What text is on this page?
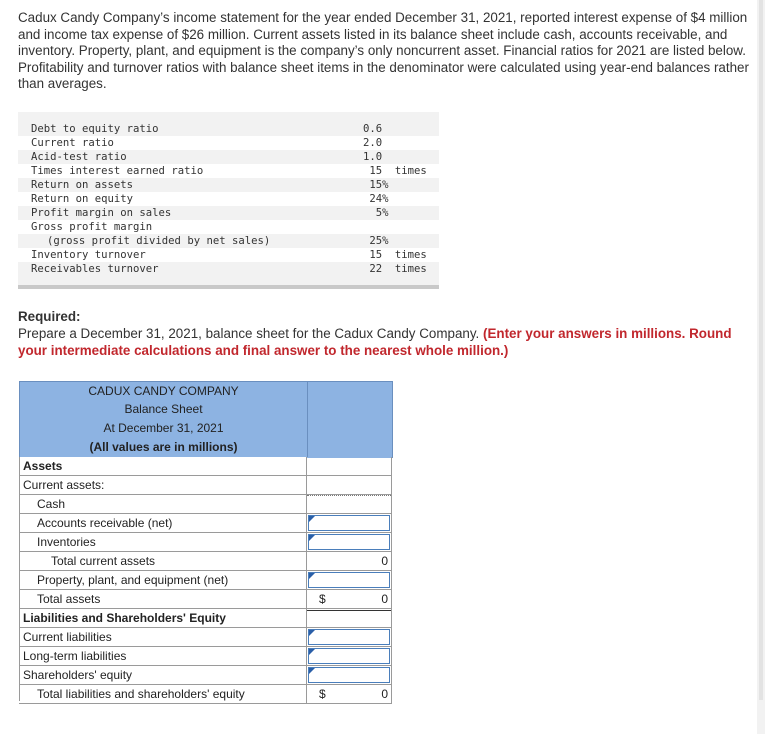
Cadux Candy Company’s income statement for the year ended December 31, 2021, reported interest expense of $4 million and income tax expense of $26 million. Current assets listed in its balance sheet include cash, accounts receivable, and inventory. Property, plant, and equipment is the company’s only noncurrent asset. Financial ratios for 2021 are listed below. Profitability and turnover ratios with balance sheet items in the denominator were calculated using year-end balances rather than averages.
Debt to equity ratio	0.6
Current ratio	2.0
Acid-test ratio	1.0
Times interest earned ratio	15  times
Return on assets	15%
Return on equity	24%
Profit margin on sales	5%
Gross profit margin
(gross profit divided by net sales)	25%
Inventory turnover	15  times
Receivables turnover	22  times
Required:
Prepare a December 31, 2021, balance sheet for the Cadux Candy Company. (Enter your answers in millions. Round your intermediate calculations and final answer to the nearest whole million.)
CADUX CANDY COMPANY
Balance Sheet
At December 31, 2021
(All values are in millions)
Assets
Current assets:
Cash
Accounts receivable (net)
Inventories
Total current assets	0
Property, plant, and equipment (net)
Total assets	$	0
Liabilities and Shareholders' Equity
Current liabilities
Long-term liabilities
Shareholders' equity
Total liabilities and shareholders' equity	$	0
